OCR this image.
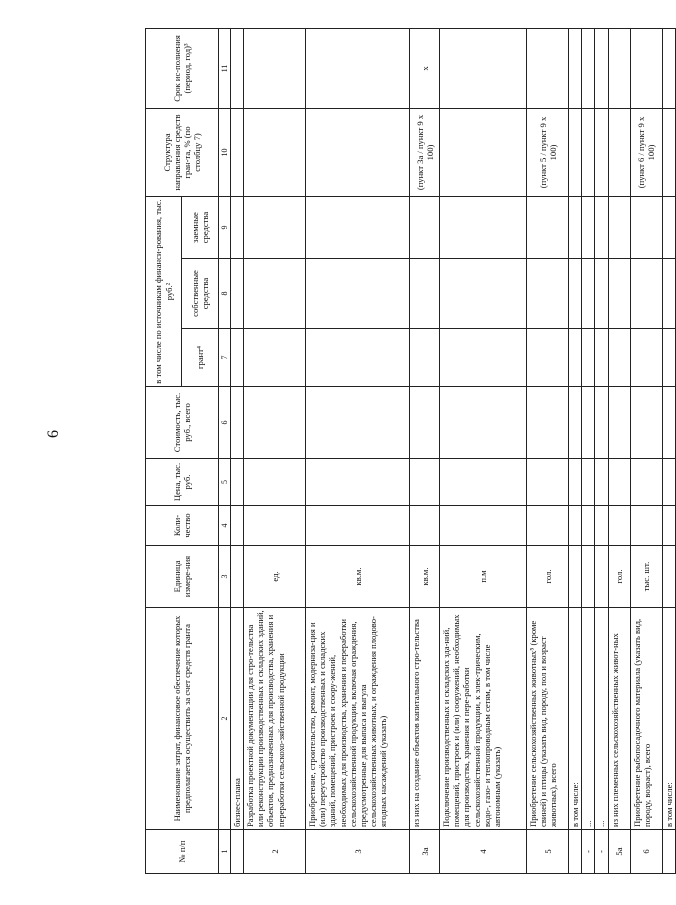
6
№ п/п	Наименование затрат, финансовое обеспечение которых предполагается осуществить за счет средств гранта	Единица измере-ния	Коли-чество	Цена, тыс. руб.	Стоимость, тыс. руб., всего	в том числе по источникам финанси-рования, тыс. руб.²			Структура направления средств гран-та, % (по столбцу 7)	Срок ис-полнения (период, год)³
						грант⁴	собственные средства	заемные средства		
1	2	3	4	5	6	7	8	9	10	11
	бизнес-плана									
2	Разработка проектной документации для стро-тельства или реконструкции производственных и складских зданий, объектов, предназначенных для производства, хранения и переработки сельскохо-зяйственной продукции	ед.								
3	Приобретение, строительство, ремонт, модерниза-ция и (или) переустройство производственных и складских зданий, помещений, пристроек и соору-жений, необходимых для производства, хранения и переработки сельскохозяйственной продукции, включая ограждения, предусмотренные для выпаса и выгула сельскохозяйственных животных, и ограждения плодово-ягодных насаждений (указать)	кв.м.								
3а	из них на создание объектов капитального стро-тельства	кв.м.							(пункт 3а / пункт 9 х 100)	x
4	Подключение производственных и складских зда-ний, помещений, пристроек и (или) сооружений, необходимых для производства, хранения и пере-работки сельскохозяйственной продукции, к элек-трическим, водо-, газо- и теплопроводным сетям, в том числе автономным (указать)	п.м								
5	Приобретение сельскохозяйственных животных⁵ (кроме свиней) и птицы (указать вид, породу, пол и возраст животных), всего	гол.							(пункт 5 / пункт 9 х 100)	
	в том числе:									
-	...									
-	...									
5а	из них племенных сельскохозяйственных живот-ных	гол.								
6	Приобретение рыбопосадочного материала (указать вид, породу, возраст), всего	тыс. шт.							(пункт 6 / пункт 9 х 100)	
	в том числе:									
